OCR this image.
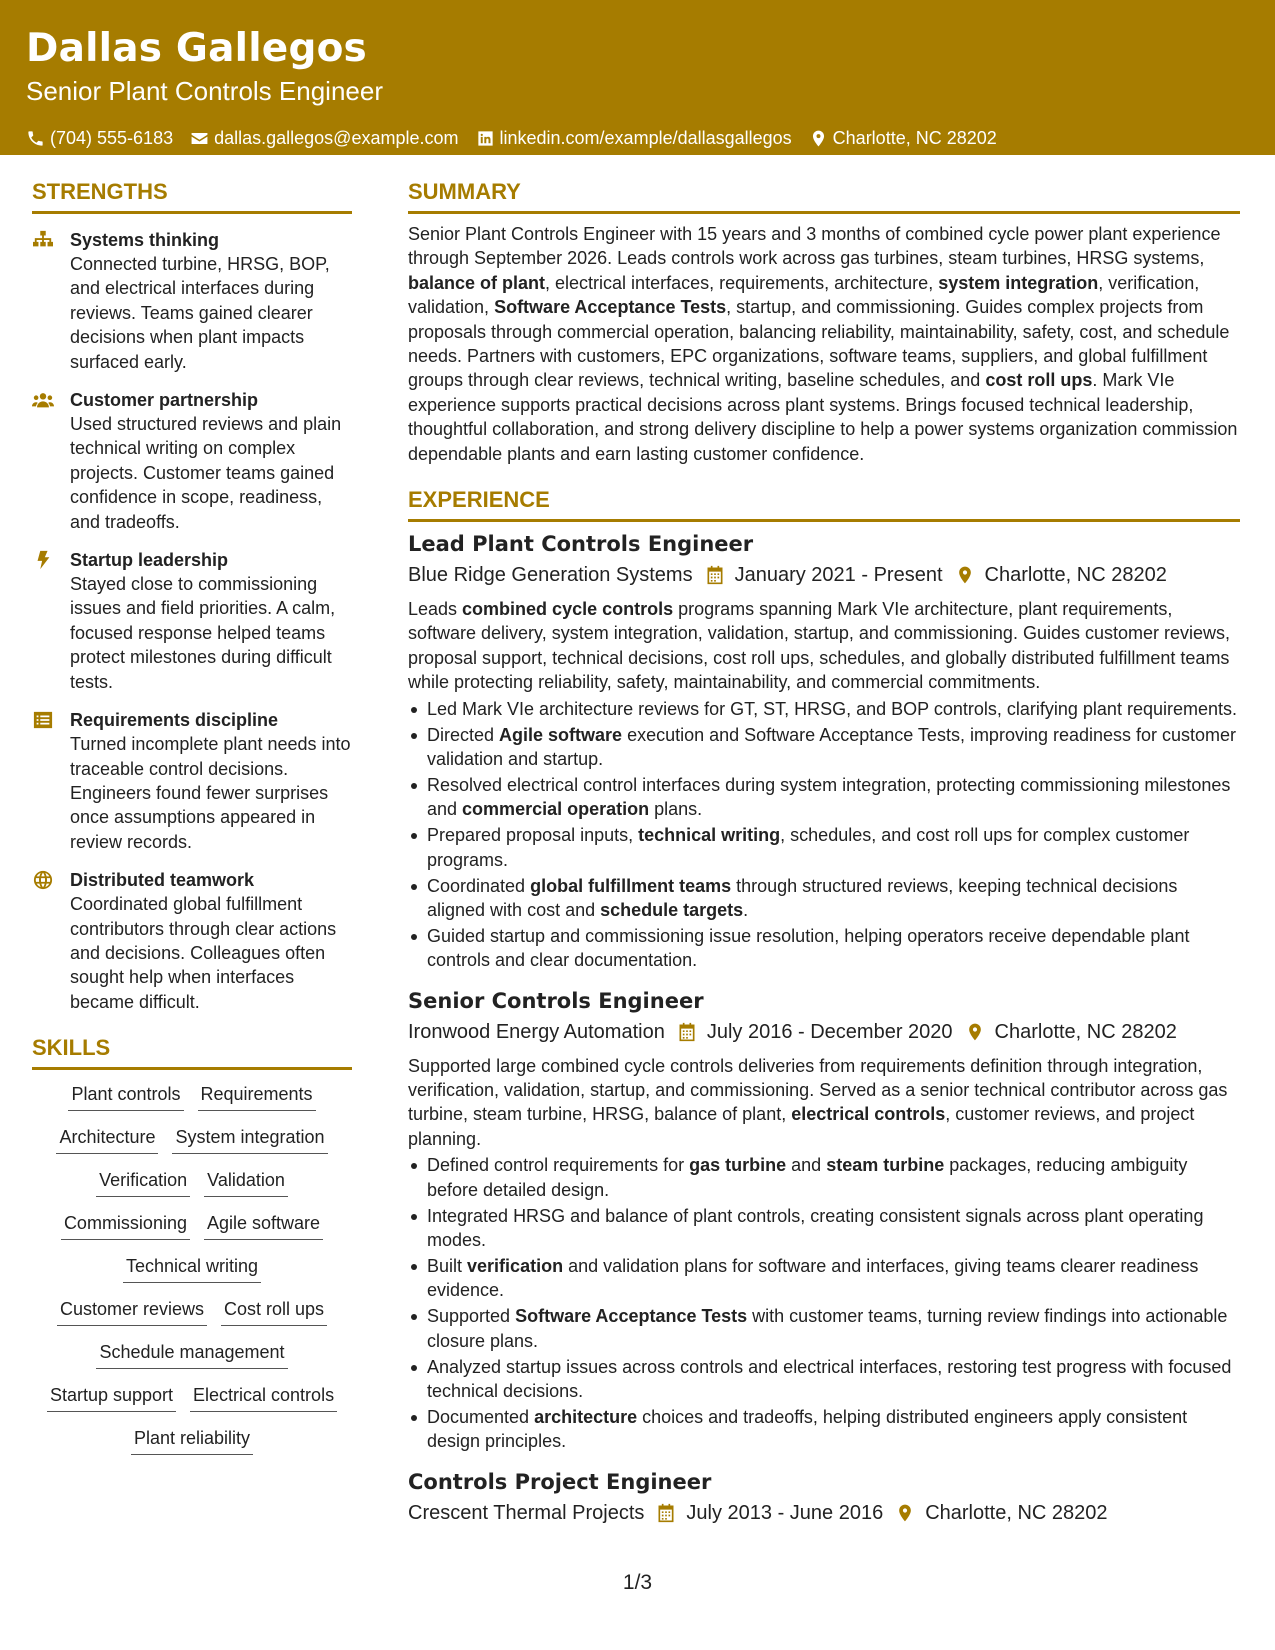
Dallas Gallegos
Senior Plant Controls Engineer
(704) 555-6183 dallas.gallegos@example.com linkedin.com/example/dallasgallegos Charlotte, NC 28202
STRENGTHS
Systems thinking
Connected turbine, HRSG, BOP, and electrical interfaces during reviews. Teams gained clearer decisions when plant impacts surfaced early.
Customer partnership
Used structured reviews and plain technical writing on complex projects. Customer teams gained confidence in scope, readiness, and tradeoffs.
Startup leadership
Stayed close to commissioning issues and field priorities. A calm, focused response helped teams protect milestones during difficult tests.
Requirements discipline
Turned incomplete plant needs into traceable control decisions. Engineers found fewer surprises once assumptions appeared in review records.
Distributed teamwork
Coordinated global fulfillment contributors through clear actions and decisions. Colleagues often sought help when interfaces became difficult.
SKILLS
Plant controls Requirements
Architecture System integration
Verification Validation
Commissioning Agile software
Technical writing
Customer reviews Cost roll ups
Schedule management
Startup support Electrical controls
Plant reliability
SUMMARY
Senior Plant Controls Engineer with 15 years and 3 months of combined cycle power plant experience through September 2026. Leads controls work across gas turbines, steam turbines, HRSG systems, balance of plant, electrical interfaces, requirements, architecture, system integration, verification, validation, Software Acceptance Tests, startup, and commissioning. Guides complex projects from proposals through commercial operation, balancing reliability, maintainability, safety, cost, and schedule needs. Partners with customers, EPC organizations, software teams, suppliers, and global fulfillment groups through clear reviews, technical writing, baseline schedules, and cost roll ups. Mark VIe experience supports practical decisions across plant systems. Brings focused technical leadership, thoughtful collaboration, and strong delivery discipline to help a power systems organization commission dependable plants and earn lasting customer confidence.
EXPERIENCE
Lead Plant Controls Engineer
Blue Ridge Generation Systems January 2021 - Present Charlotte, NC 28202
Leads combined cycle controls programs spanning Mark VIe architecture, plant requirements, software delivery, system integration, validation, startup, and commissioning. Guides customer reviews, proposal support, technical decisions, cost roll ups, schedules, and globally distributed fulfillment teams while protecting reliability, safety, maintainability, and commercial commitments.
Led Mark VIe architecture reviews for GT, ST, HRSG, and BOP controls, clarifying plant requirements.
Directed Agile software execution and Software Acceptance Tests, improving readiness for customer validation and startup.
Resolved electrical control interfaces during system integration, protecting commissioning milestones and commercial operation plans.
Prepared proposal inputs, technical writing, schedules, and cost roll ups for complex customer programs.
Coordinated global fulfillment teams through structured reviews, keeping technical decisions aligned with cost and schedule targets.
Guided startup and commissioning issue resolution, helping operators receive dependable plant controls and clear documentation.
Senior Controls Engineer
Ironwood Energy Automation July 2016 - December 2020 Charlotte, NC 28202
Supported large combined cycle controls deliveries from requirements definition through integration, verification, validation, startup, and commissioning. Served as a senior technical contributor across gas turbine, steam turbine, HRSG, balance of plant, electrical controls, customer reviews, and project planning.
Defined control requirements for gas turbine and steam turbine packages, reducing ambiguity before detailed design.
Integrated HRSG and balance of plant controls, creating consistent signals across plant operating modes.
Built verification and validation plans for software and interfaces, giving teams clearer readiness evidence.
Supported Software Acceptance Tests with customer teams, turning review findings into actionable closure plans.
Analyzed startup issues across controls and electrical interfaces, restoring test progress with focused technical decisions.
Documented architecture choices and tradeoffs, helping distributed engineers apply consistent design principles.
Controls Project Engineer
Crescent Thermal Projects July 2013 - June 2016 Charlotte, NC 28202
1/3
